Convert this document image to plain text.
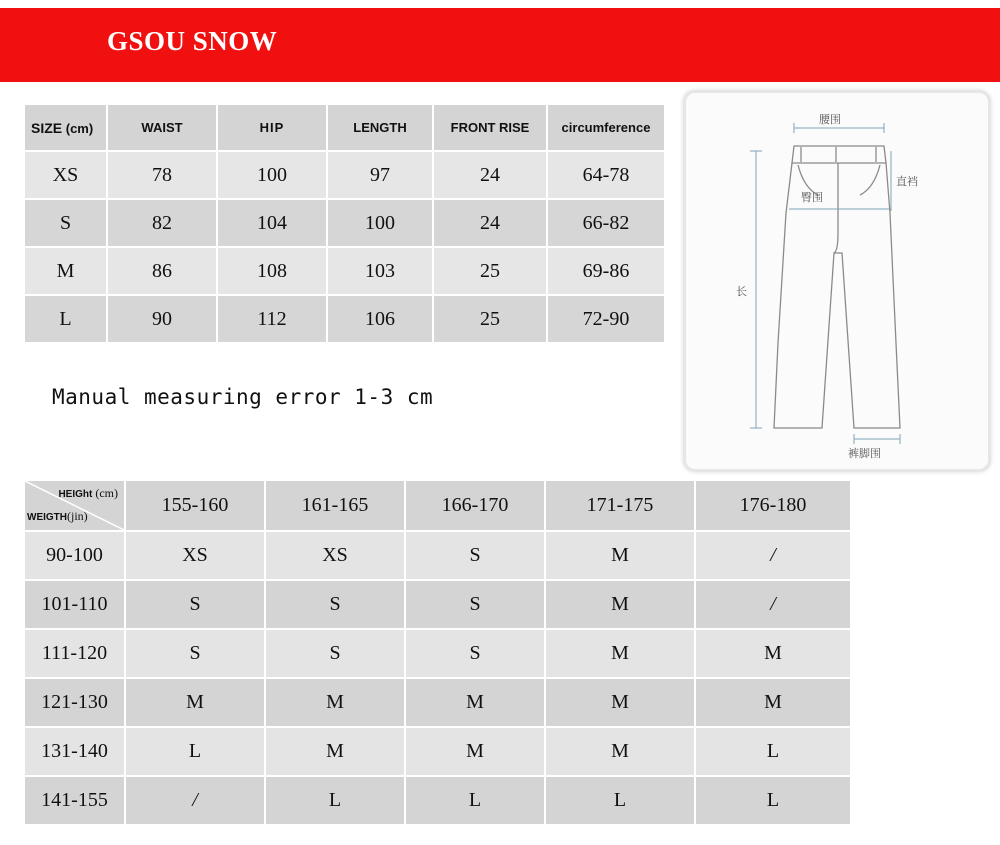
GSOU SNOW
SIZE (cm)	WAIST	HIP	LENGTH	FRONT RISE	circumference
XS	78	100	97	24	64-78
S	82	104	100	24	66-82
M	86	108	103	25	69-86
L	90	112	106	25	72-90
Manual measuring error 1-3 cm
腰围
臀围
直裆
长
裤脚围
HEIGht (cm)
WEIGTH(jin)	155-160	161-165	166-170	171-175	176-180
90-100	XS	XS	S	M	/
101-110	S	S	S	M	/
111-120	S	S	S	M	M
121-130	M	M	M	M	M
131-140	L	M	M	M	L
141-155	/	L	L	L	L
